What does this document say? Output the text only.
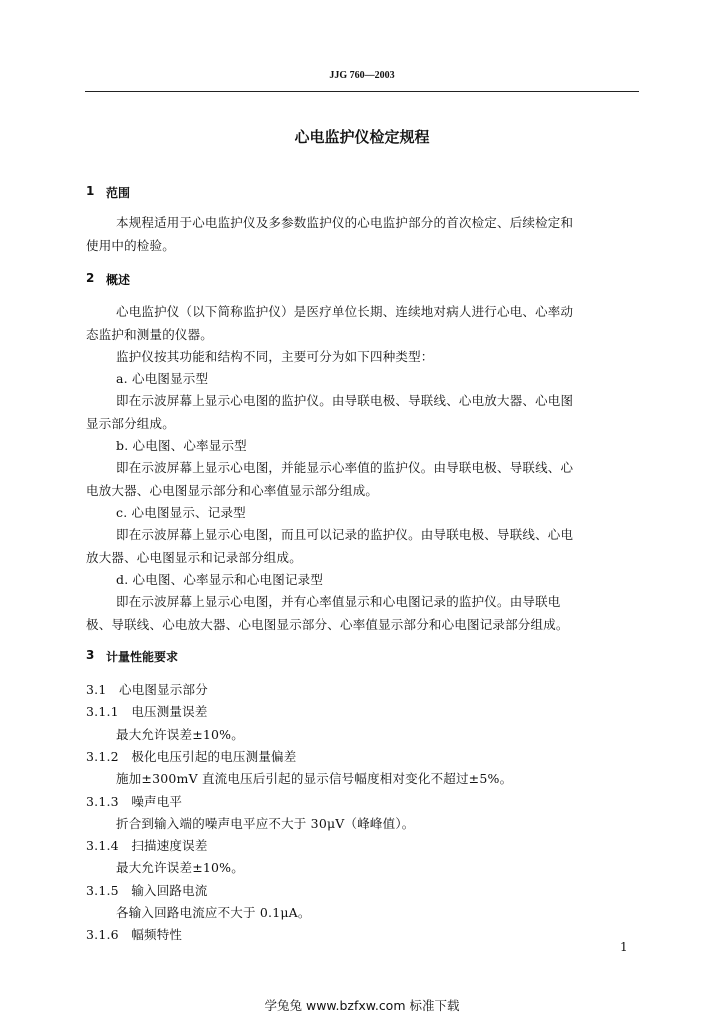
JJG 760—2003
心电监护仪检定规程
1 范围
本规程适用于心电监护仪及多参数监护仪的心电监护部分的首次检定、后续检定和
使用中的检验。
2 概述
心电监护仪（以下简称监护仪）是医疗单位长期、连续地对病人进行心电、心率动
态监护和测量的仪器。
监护仪按其功能和结构不同，主要可分为如下四种类型：
a. 心电图显示型
即在示波屏幕上显示心电图的监护仪。由导联电极、导联线、心电放大器、心电图
显示部分组成。
b. 心电图、心率显示型
即在示波屏幕上显示心电图，并能显示心率值的监护仪。由导联电极、导联线、心
电放大器、心电图显示部分和心率值显示部分组成。
c. 心电图显示、记录型
即在示波屏幕上显示心电图，而且可以记录的监护仪。由导联电极、导联线、心电
放大器、心电图显示和记录部分组成。
d. 心电图、心率显示和心电图记录型
即在示波屏幕上显示心电图，并有心率值显示和心电图记录的监护仪。由导联电
极、导联线、心电放大器、心电图显示部分、心率值显示部分和心电图记录部分组成。
3 计量性能要求
3.1   心电图显示部分
3.1.1   电压测量误差
最大允许误差±10%。
3.1.2   极化电压引起的电压测量偏差
施加±300mV 直流电压后引起的显示信号幅度相对变化不超过±5%。
3.1.3   噪声电平
折合到输入端的噪声电平应不大于 30μV（峰峰值）。
3.1.4   扫描速度误差
最大允许误差±10%。
3.1.5   输入回路电流
各输入回路电流应不大于 0.1μA。
3.1.6   幅频特性
1
学兔兔 www.bzfxw.com 标准下载
